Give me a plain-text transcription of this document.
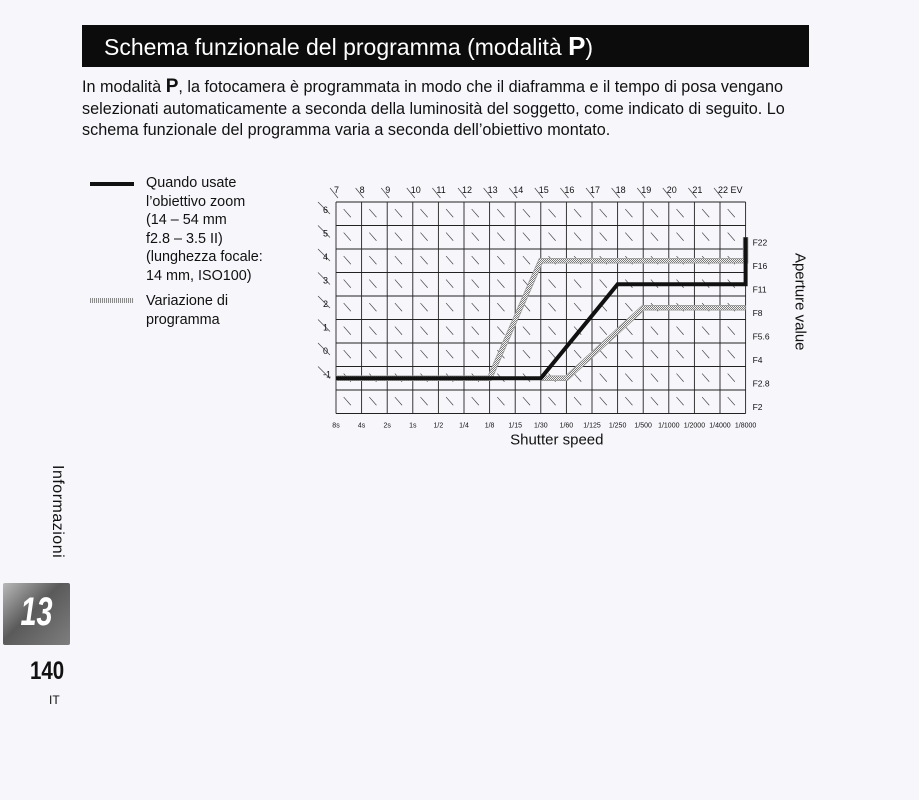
Schema funzionale del programma (modalità P)
In modalità P, la fotocamera è programmata in modo che il diaframma e il tempo di posa vengano selezionati automaticamente a seconda della luminosità del soggetto, come indicato di seguito. Lo schema funzionale del programma varia a seconda dell’obiettivo montato.
Quando usate
l’obiettivo zoom
(14 – 54 mm
f2.8 – 3.5 II)
(lunghezza focale:
14 mm, ISO100)
Variazione di
programma
7 8 9 10 11 12 13 14 15 16 17 18 19 20 21 22 EV
6
5
4
3
2
1
0
-1
8s	4s	2s	1s 1/2 1/4 1/8 1/15 1/30 1/60 1/125 1/250 1/500 1/1000 1/2000 1/4000 1/8000
F2
F2.8
F4
F5.6
F8
F11
F16
F22
Shutter speed
Aperture value
Informazioni
13
140
IT
